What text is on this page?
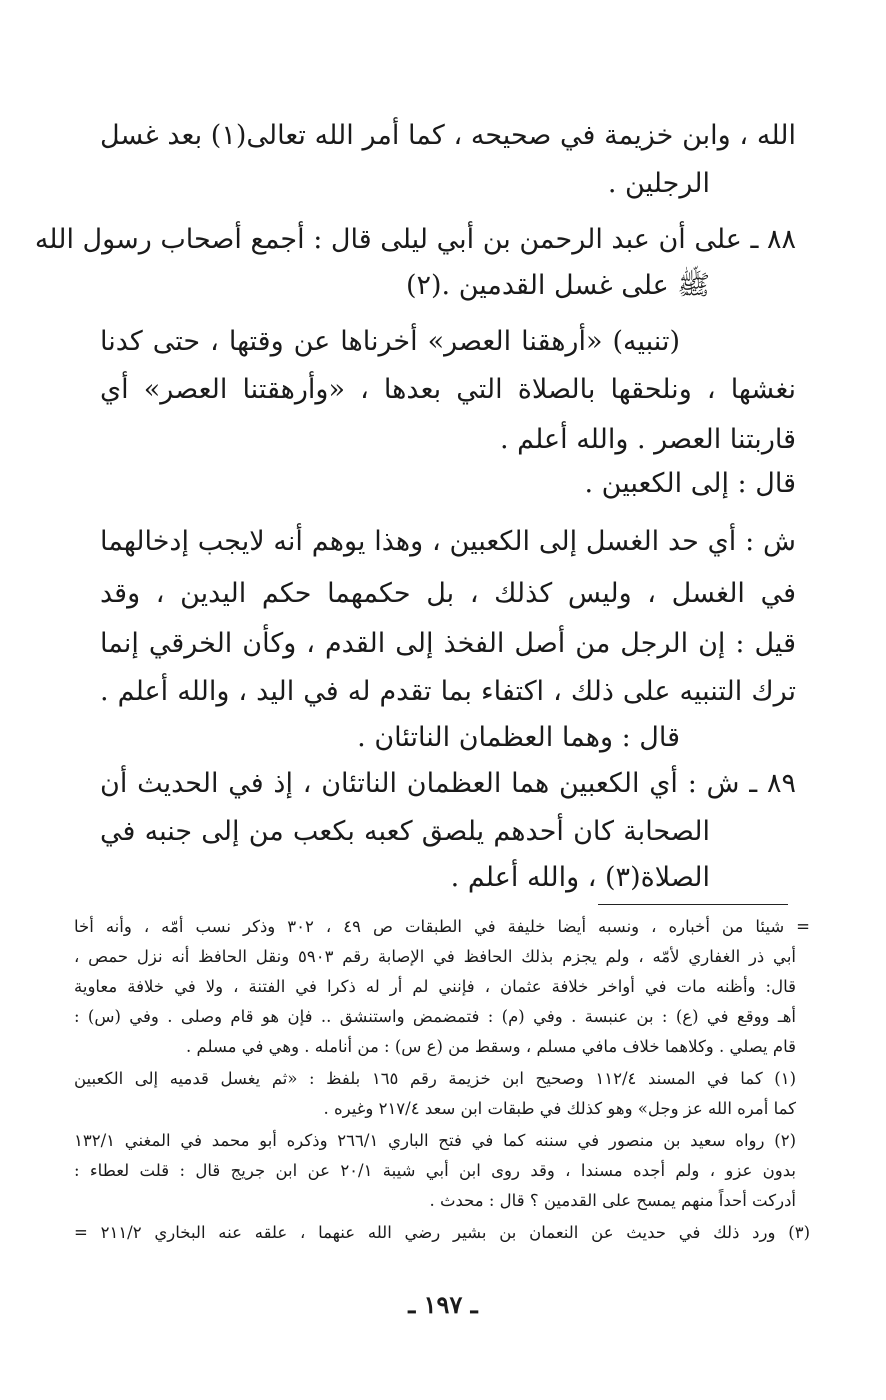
الله ، وابن خزيمة في صحيحه ، كما أمر الله تعالى(١) بعد غسل
الرجلين .
٨٨ ـ على أن عبد الرحمن بن أبي ليلى قال : أجمع أصحاب رسول الله
ﷺ على غسل القدمين .(٢)
(تنبيه) «أرهقنا العصر» أخرناها عن وقتها ، حتى كدنا
نغشها ، ونلحقها بالصلاة التي بعدها ، «وأرهقتنا العصر» أي
قاربتنا العصر . والله أعلم .
قال : إلى الكعبين .
ش : أي حد الغسل إلى الكعبين ، وهذا يوهم أنه لايجب إدخالهما
في الغسل ، وليس كذلك ، بل حكمهما حكم اليدين ، وقد
قيل : إن الرجل من أصل الفخذ إلى القدم ، وكأن الخرقي إنما
ترك التنبيه على ذلك ، اكتفاء بما تقدم له في اليد ، والله أعلم .
قال : وهما العظمان الناتئان .
٨٩ ـ ش : أي الكعبين هما العظمان الناتئان ، إذ في الحديث أن
الصحابة كان أحدهم يلصق كعبه بكعب من إلى جنبه في
الصلاة(٣) ، والله أعلم .
= شيئا من أخباره ، ونسبه أيضا خليفة في الطبقات ص ٤٩ ، ٣٠٢ وذكر نسب أمّه ، وأنه أخا
أبي ذر الغفاري لأمّه ، ولم يجزم بذلك الحافظ في الإصابة رقم ٥٩٠٣ ونقل الحافظ أنه نزل حمص ،
قال: وأظنه مات في أواخر خلافة عثمان ، فإنني لم أر له ذكرا في الفتنة ، ولا في خلافة معاوية
أهـ ووقع في (ع) : بن عنبسة . وفي (م) : فتمضمض واستنشق .. فإن هو قام وصلى . وفي (س) :
قام يصلي . وكلاهما خلاف مافي مسلم ، وسقط من (ع س) : من أنامله . وهي في مسلم .
(١) كما في المسند ١١٢/٤ وصحيح ابن خزيمة رقم ١٦٥ بلفظ : «ثم يغسل قدميه إلى الكعبين
كما أمره الله عز وجل» وهو كذلك في طبقات ابن سعد ٢١٧/٤ وغيره .
(٢) رواه سعيد بن منصور في سننه كما في فتح الباري ٢٦٦/١ وذكره أبو محمد في المغني ١٣٢/١
بدون عزو ، ولم أجده مسندا ، وقد روى ابن أبي شيبة ٢٠/١ عن ابن جريج قال : قلت لعطاء :
أدركت أحداً منهم يمسح على القدمين ؟ قال : محدث .
(٣) ورد ذلك في حديث عن النعمان بن بشير رضي الله عنهما ، علقه عنه البخاري ٢١١/٢ =
ـ ١٩٧ ـ
